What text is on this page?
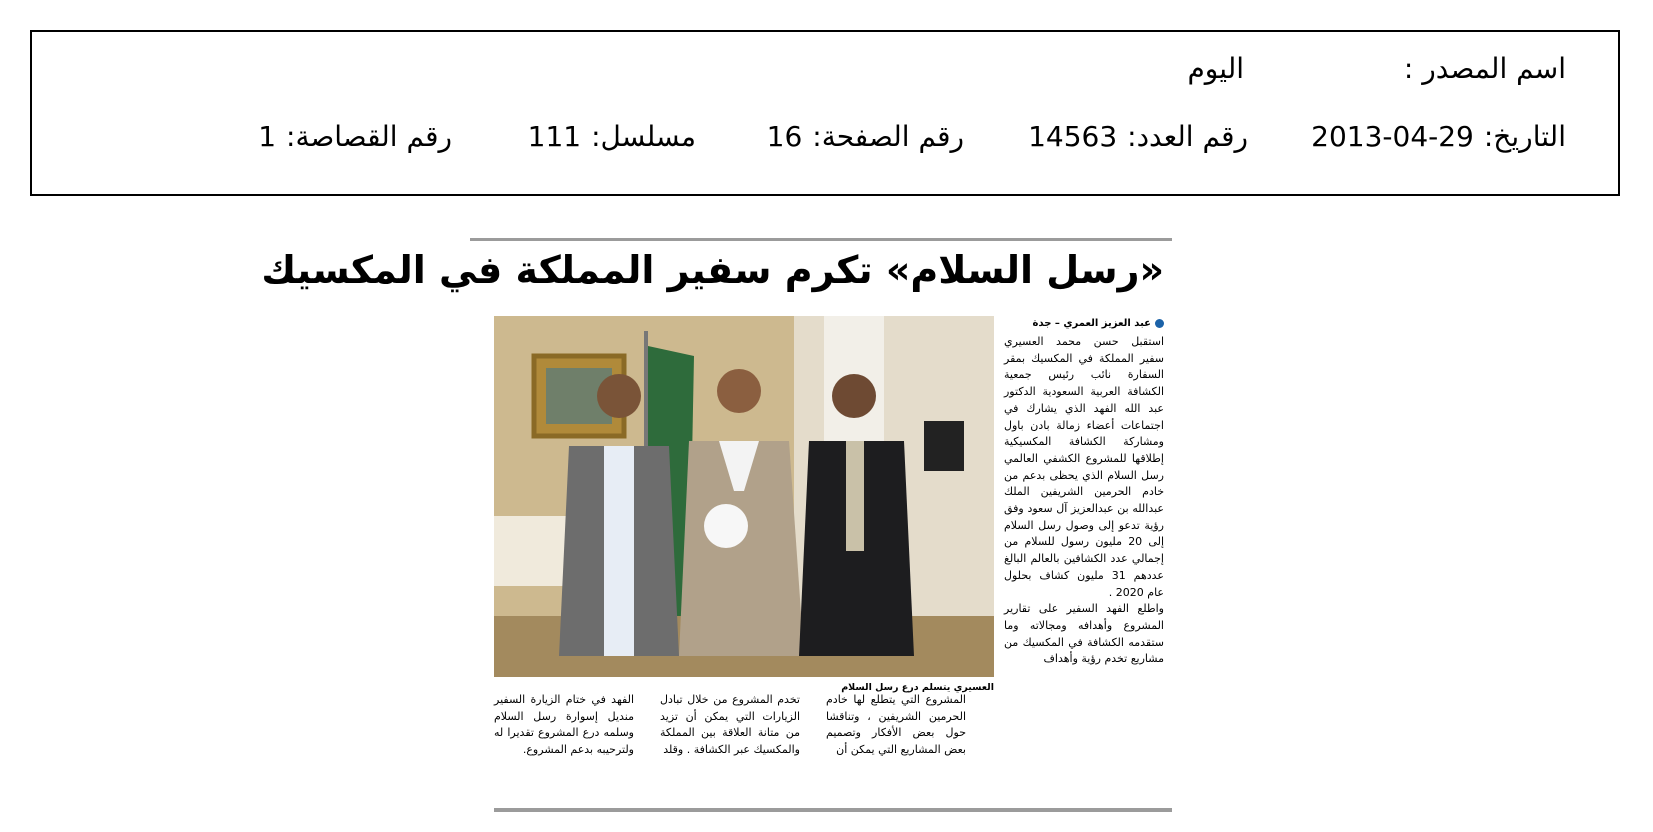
اسم المصدر :
اليوم
التاريخ:
2013-04-29
رقم العدد:
14563
رقم الصفحة:
16
مسلسل:
111
رقم القصاصة:
1
«رسل السلام» تكرم سفير المملكة في المكسيك
عبد العزيز العمري – جدة

استقبل حسن محمد العسيري سفير المملكة في المكسيك بمقر السفارة نائب رئيس جمعية الكشافة العربية السعودية الدكتور عبد الله الفهد الذي يشارك في اجتماعات أعضاء زمالة بادن باول ومشاركة الكشافة المكسيكية إطلاقها للمشروع الكشفي العالمي رسل السلام الذي يحظى بدعم من خادم الحرمين الشريفين الملك عبدالله بن عبدالعزيز آل سعود وفق رؤية تدعو إلى وصول رسل السلام إلى 20 مليون رسول للسلام من إجمالي عدد الكشافين بالعالم البالغ عددهم 31 مليون كشاف بحلول عام 2020 .

واطلع الفهد السفير على تقارير المشروع وأهدافه ومجالاته وما ستقدمه الكشافة في المكسيك من مشاريع تخدم رؤية وأهداف

العسيري يتسلم درع رسل السلام

المشروع التي يتطلع لها خادم الحرمين الشريفين ، وتناقشا حول بعض الأفكار وتصميم بعض المشاريع التي يمكن أن

تخدم المشروع من خلال تبادل الزيارات التي يمكن أن تزيد من متانة العلاقة بين المملكة والمكسيك عبر الكشافة . وقلد

الفهد في ختام الزيارة السفير منديل إسوارة رسل السلام وسلمه درع المشروع تقديرا له ولترحيبه بدعم المشروع.
